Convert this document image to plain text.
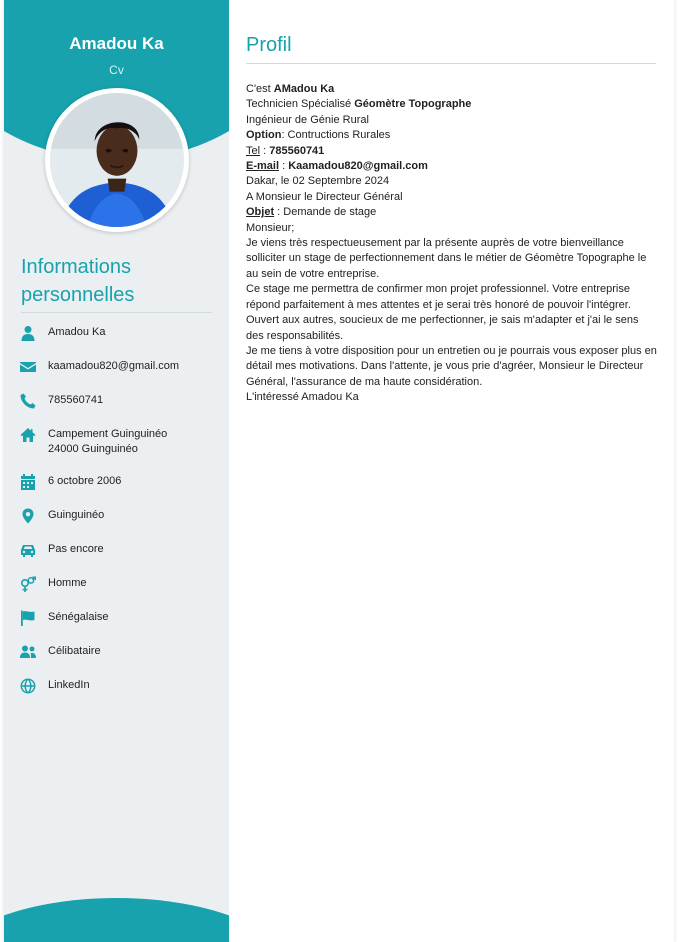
Amadou Ka
Cv
Informations personnelles
Amadou Ka
kaamadou820@gmail.com
785560741
Campement Guinguinéo
24000 Guinguinéo
6 octobre 2006
Guinguinéo
Pas encore
Homme
Sénégalaise
Célibataire
LinkedIn
Profil

C'est AMadou Ka

Technicien Spécialisé Géomètre Topographe

Ingénieur de Génie Rural

Option: Contructions Rurales

Tel : 785560741

E-mail : Kaamadou820@gmail.com

Dakar, le 02 Septembre 2024

A Monsieur le Directeur Général

Objet : Demande de stage

Monsieur;

Je viens très respectueusement par la présente auprès de votre bienveillance solliciter un stage de perfectionnement dans le métier de Géomètre Topographe le au sein de votre entreprise.

Ce stage me permettra de confirmer mon projet professionnel. Votre entreprise répond parfaitement à mes attentes et je serai très honoré de pouvoir l'intégrer. Ouvert aux autres, soucieux de me perfectionner, je sais m'adapter et j'ai le sens des responsabilités.

Je me tiens à votre disposition pour un entretien ou je pourrais vous exposer plus en détail mes motivations. Dans l'attente, je vous prie d'agréer, Monsieur le Directeur Général, l'assurance de ma haute considération.

L'intéressé Amadou Ka
